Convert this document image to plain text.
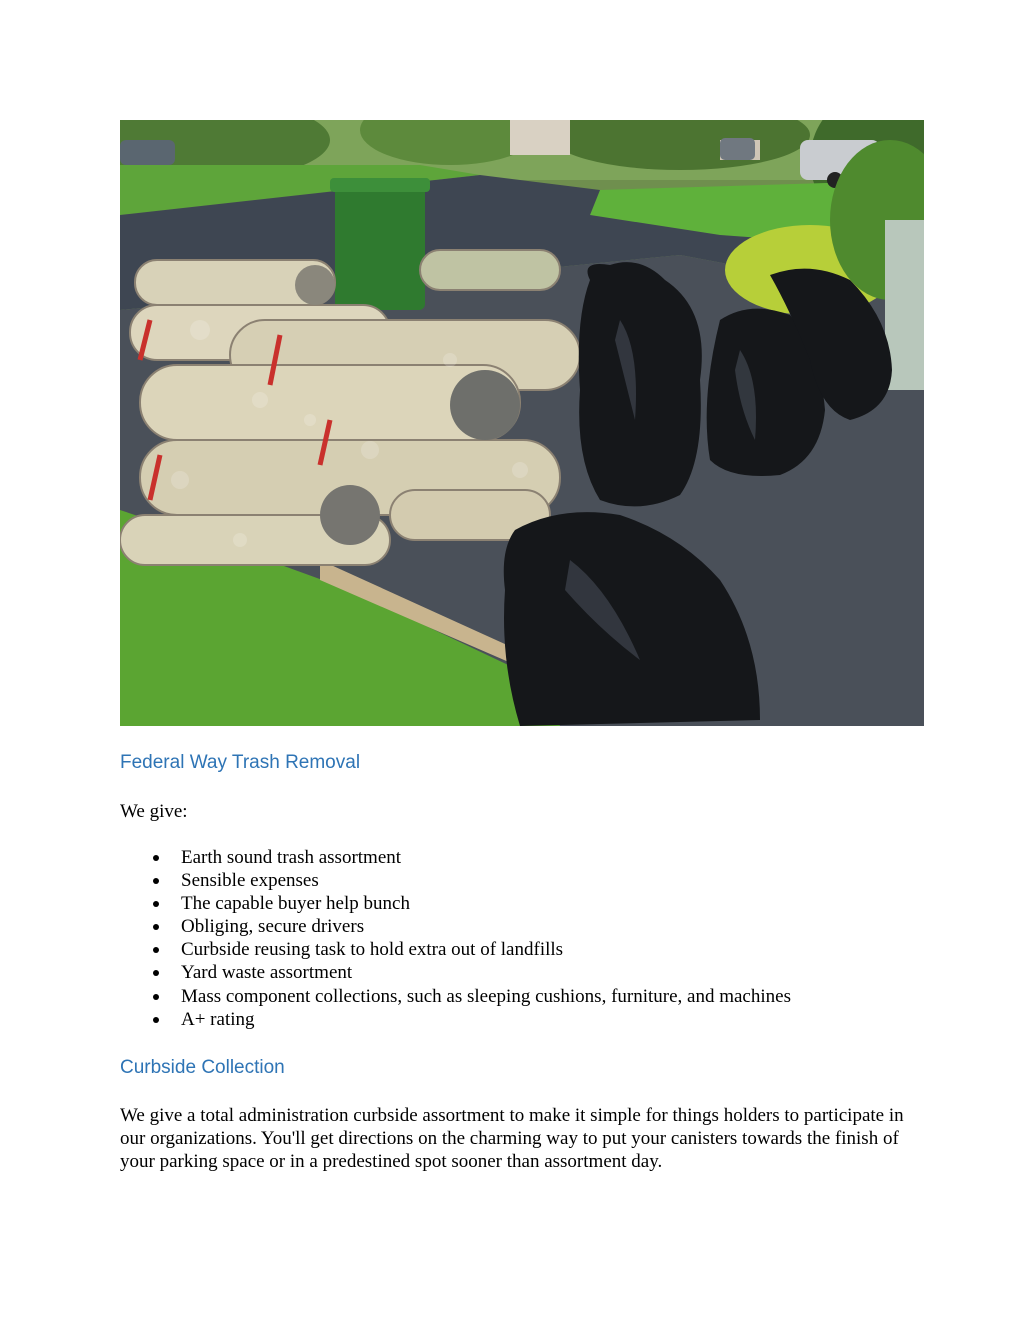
Federal Way Trash Removal

We give:

Earth sound trash assortment
Sensible expenses
The capable buyer help bunch
Obliging, secure drivers
Curbside reusing task to hold extra out of landfills
Yard waste assortment
Mass component collections, such as sleeping cushions, furniture, and machines
A+ rating
Curbside Collection

We give a total administration curbside assortment to make it simple for things holders to participate in our organizations. You'll get directions on the charming way to put your canisters towards the finish of your parking space or in a predestined spot sooner than assortment day.
